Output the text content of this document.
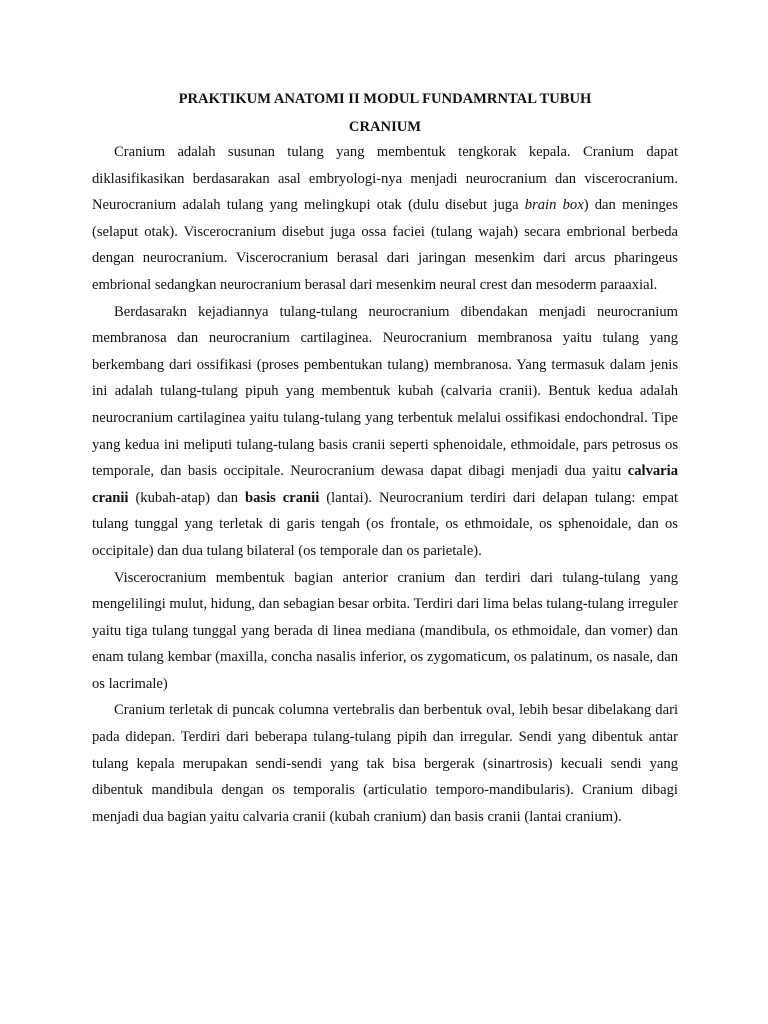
PRAKTIKUM ANATOMI II MODUL FUNDAMRNTAL TUBUH

CRANIUM

Cranium adalah susunan tulang yang membentuk tengkorak kepala. Cranium dapat diklasifikasikan berdasarakan asal embryologi-nya menjadi neurocranium dan viscerocranium. Neurocranium adalah tulang yang melingkupi otak (dulu disebut juga brain box) dan meninges (selaput otak). Viscerocranium disebut juga ossa faciei (tulang wajah) secara embrional berbeda dengan neurocranium. Viscerocranium berasal dari jaringan mesenkim dari arcus pharingeus embrional sedangkan neurocranium berasal dari mesenkim neural crest dan mesoderm paraaxial.

Berdasarakn kejadiannya tulang-tulang neurocranium dibendakan menjadi neurocranium membranosa dan neurocranium cartilaginea. Neurocranium membranosa yaitu tulang yang berkembang dari ossifikasi (proses pembentukan tulang) membranosa. Yang termasuk dalam jenis ini adalah tulang-tulang pipuh yang membentuk kubah (calvaria cranii). Bentuk kedua adalah neurocranium cartilaginea yaitu tulang-tulang yang terbentuk melalui ossifikasi endochondral. Tipe yang kedua ini meliputi tulang-tulang basis cranii seperti sphenoidale, ethmoidale, pars petrosus os temporale, dan basis occipitale. Neurocranium dewasa dapat dibagi menjadi dua yaitu calvaria cranii (kubah-atap) dan basis cranii (lantai). Neurocranium terdiri dari delapan tulang: empat tulang tunggal yang terletak di garis tengah (os frontale, os ethmoidale, os sphenoidale, dan os occipitale) dan dua tulang bilateral (os temporale dan os parietale).

Viscerocranium membentuk bagian anterior cranium dan terdiri dari tulang-tulang yang mengelilingi mulut, hidung, dan sebagian besar orbita. Terdiri dari lima belas tulang-tulang irreguler yaitu tiga tulang tunggal yang berada di linea mediana (mandibula, os ethmoidale, dan vomer) dan enam tulang kembar (maxilla, concha nasalis inferior, os zygomaticum, os palatinum, os nasale, dan os lacrimale)

Cranium terletak di puncak columna vertebralis dan berbentuk oval, lebih besar dibelakang dari pada didepan. Terdiri dari beberapa tulang-tulang pipih dan irregular. Sendi yang dibentuk antar tulang kepala merupakan sendi-sendi yang tak bisa bergerak (sinartrosis) kecuali sendi yang dibentuk mandibula dengan os temporalis (articulatio temporo-mandibularis). Cranium dibagi menjadi dua bagian yaitu calvaria cranii (kubah cranium) dan basis cranii (lantai cranium).
